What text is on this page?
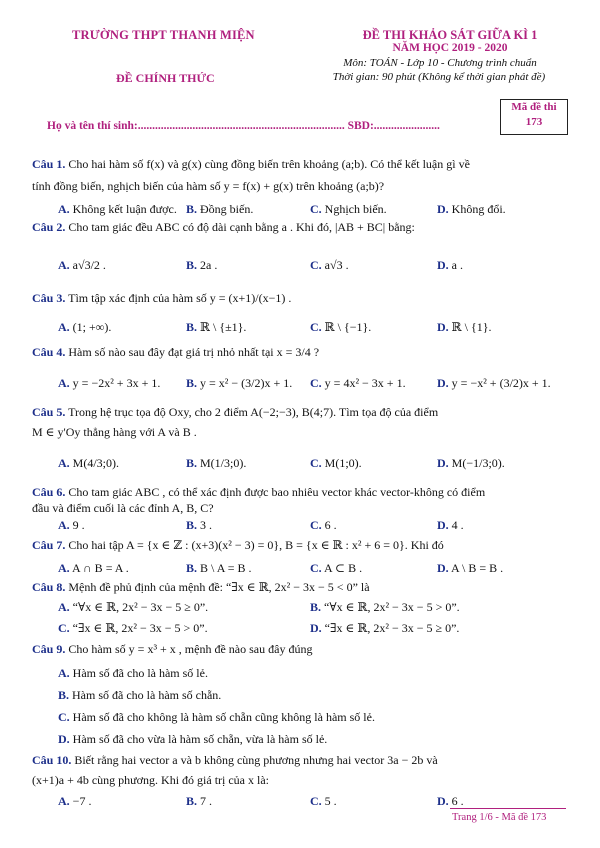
TRƯỜNG THPT THANH MIỆN
ĐỀ CHÍNH THỨC
ĐỀ THI KHẢO SÁT GIỮA KÌ 1
NĂM HỌC 2019 - 2020
Môn: TOÁN - Lớp 10 - Chương trình chuẩn
Thời gian: 90 phút (Không kể thời gian phát đề)
Họ và tên thí sinh:........................................................................ SBD:.......................
Mã đề thi
173
Câu 1. Cho hai hàm số f(x) và g(x) cùng đồng biến trên khoảng (a;b). Có thể kết luận gì về
tính đồng biến, nghịch biến của hàm số y = f(x) + g(x) trên khoảng (a;b)?
A. Không kết luận được. B. Đồng biến.	C. Nghịch biến.	D. Không đổi.
Câu 2. Cho tam giác đều ABC có độ dài cạnh bằng a . Khi đó, |AB + BC| bằng:
A. a√3/2 .	B. 2a .	C. a√3 .	D. a .
Câu 3. Tìm tập xác định của hàm số y = (x+1)/(x−1) .
A. (1; +∞).	B. ℝ \ {±1}.	C. ℝ \ {−1}.	D. ℝ \ {1}.
Câu 4. Hàm số nào sau đây đạt giá trị nhỏ nhất tại x = 3/4 ?
A. y = −2x² + 3x + 1. B. y = x² − (3/2)x + 1. C. y = 4x² − 3x + 1.	D. y = −x² + (3/2)x + 1.
Câu 5. Trong hệ trục tọa độ Oxy, cho 2 điểm A(−2;−3), B(4;7). Tìm tọa độ của điểm
M ∈ y'Oy thẳng hàng với A và B .
A. M(4/3;0).	B. M(1/3;0).	C. M(1;0).	D. M(−1/3;0).
Câu 6. Cho tam giác ABC , có thể xác định được bao nhiêu vector khác vector-không có điểm
đầu và điểm cuối là các đỉnh A, B, C?
A. 9 .	B. 3 .	C. 6 .	D. 4 .
Câu 7. Cho hai tập A = {x ∈ ℤ : (x+3)(x² − 3) = 0}, B = {x ∈ ℝ : x² + 6 = 0}. Khi đó
A. A ∩ B = A .	B. B \ A = B .	C. A ⊂ B .	D. A \ B = B .
Câu 8. Mệnh đề phủ định của mệnh đề: “∃x ∈ ℝ, 2x² − 3x − 5 < 0” là
A. “∀x ∈ ℝ, 2x² − 3x − 5 ≥ 0”.	B. “∀x ∈ ℝ, 2x² − 3x − 5 > 0”.
C. “∃x ∈ ℝ, 2x² − 3x − 5 > 0”.	D. “∃x ∈ ℝ, 2x² − 3x − 5 ≥ 0”.
Câu 9. Cho hàm số y = x³ + x , mệnh đề nào sau đây đúng
A. Hàm số đã cho là hàm số lẻ.
B. Hàm số đã cho là hàm số chẵn.
C. Hàm số đã cho không là hàm số chẵn cũng không là hàm số lẻ.
D. Hàm số đã cho vừa là hàm số chẵn, vừa là hàm số lẻ.
Câu 10. Biết rằng hai vector a và b không cùng phương nhưng hai vector 3a − 2b và
(x+1)a + 4b cùng phương. Khi đó giá trị của x là:
A. −7 .	B. 7 .	C. 5 .	D. 6 .
Trang 1/6 - Mã đề 173
